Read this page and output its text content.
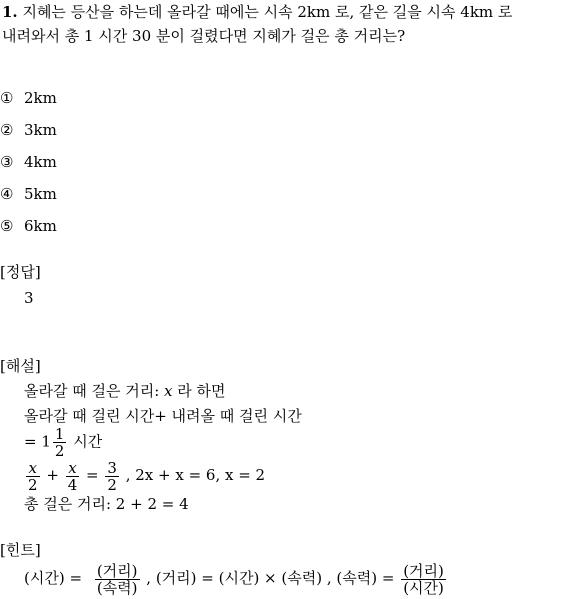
1. 지혜는 등산을 하는데 올라갈 때에는 시속 2km 로, 같은 길을 시속 4km 로
내려와서 총 1 시간 30 분이 걸렸다면 지혜가 걸은 총 거리는?
① 2km
② 3km
③ 4km
④ 5km
⑤ 6km
[정답]
3
[해설]
올라갈 때 걸은 거리: x 라 하면
올라갈 때 걸린 시간+ 내려올 때 걸린 시간
= $1 \frac{1}{2}$ 시간
$\frac{x}{2} + \frac{x}{4} = \frac{3}{2}$ , 2x + x = 6, x = 2
총 걸은 거리: 2 + 2 = 4
[힌트]
(시간) = $\frac{\text{(거리)}}{\text{(속력)}}$ , (거리) = (시간) × (속력) , (속력) = $\frac{\text{(거리)}}{\text{(시간)}}$
